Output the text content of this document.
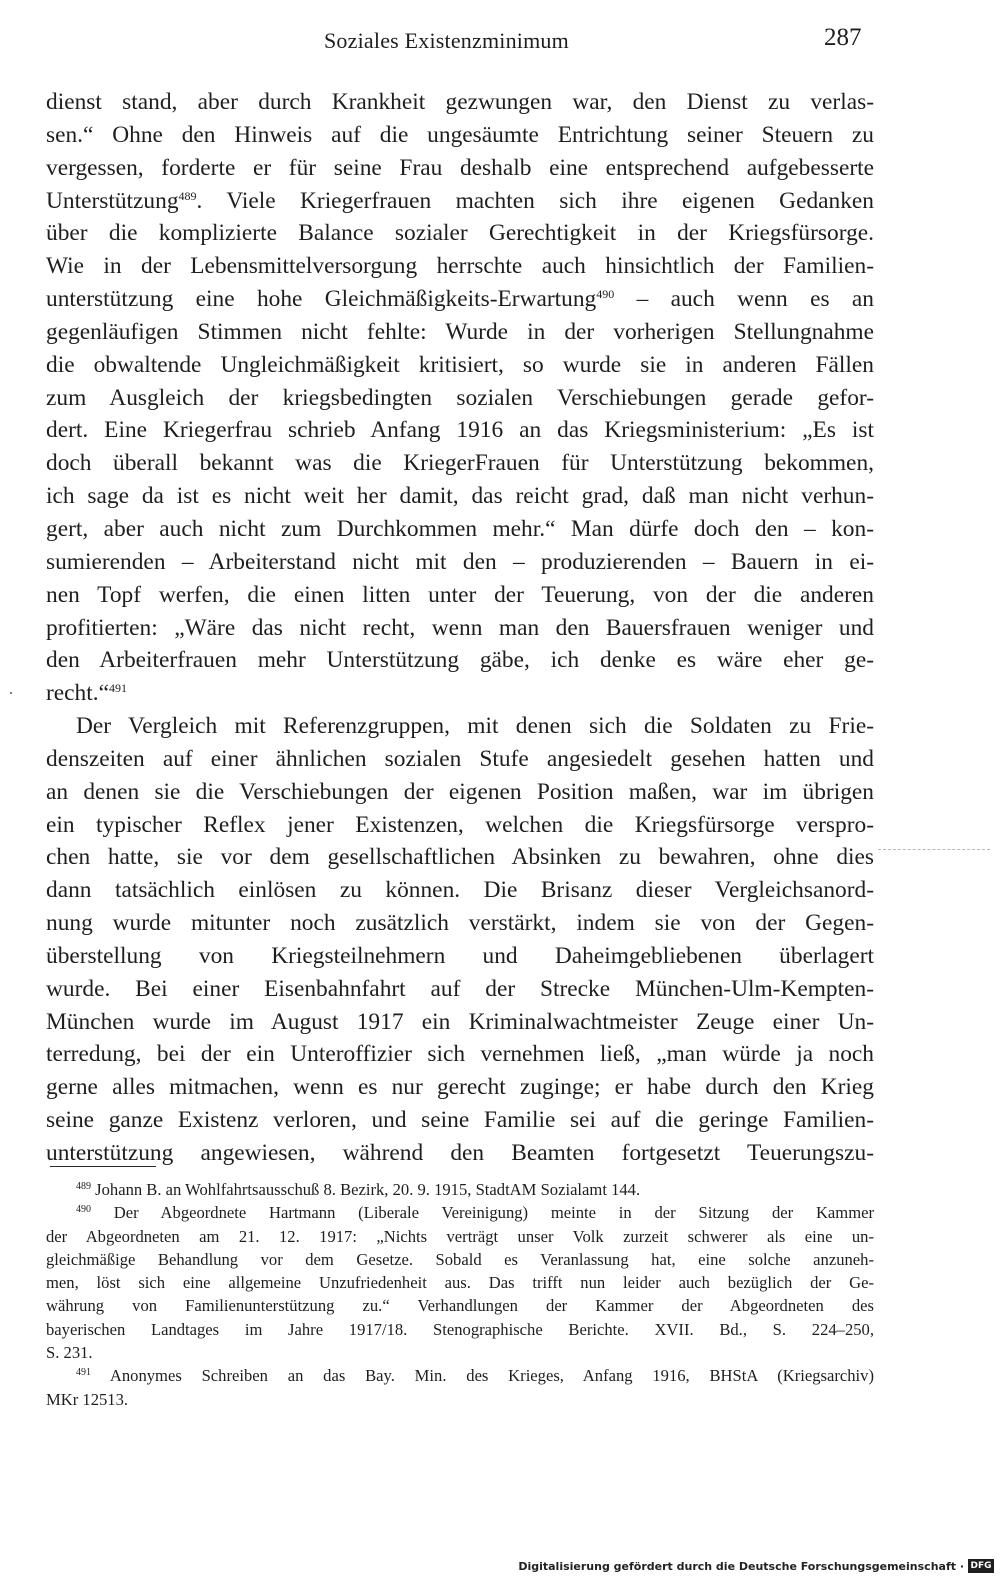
Soziales Existenzminimum	287
dienst stand, aber durch Krankheit gezwungen war, den Dienst zu verlas-
sen.“ Ohne den Hinweis auf die ungesäumte Entrichtung seiner Steuern zu
vergessen, forderte er für seine Frau deshalb eine entsprechend aufgebesserte
Unterstützung$^{489}$. Viele Kriegerfrauen machten sich ihre eigenen Gedanken
über die komplizierte Balance sozialer Gerechtigkeit in der Kriegsfürsorge.
Wie in der Lebensmittelversorgung herrschte auch hinsichtlich der Familien-
unterstützung eine hohe Gleichmäßigkeits-Erwartung$^{490}$ – auch wenn es an
gegenläufigen Stimmen nicht fehlte: Wurde in der vorherigen Stellungnahme
die obwaltende Ungleichmäßigkeit kritisiert, so wurde sie in anderen Fällen
zum Ausgleich der kriegsbedingten sozialen Verschiebungen gerade gefor-
dert. Eine Kriegerfrau schrieb Anfang 1916 an das Kriegsministerium: „Es ist
doch überall bekannt was die KriegerFrauen für Unterstützung bekommen,
ich sage da ist es nicht weit her damit, das reicht grad, daß man nicht verhun-
gert, aber auch nicht zum Durchkommen mehr.“ Man dürfe doch den – kon-
sumierenden – Arbeiterstand nicht mit den – produzierenden – Bauern in ei-
nen Topf werfen, die einen litten unter der Teuerung, von der die anderen
profitierten: „Wäre das nicht recht, wenn man den Bauersfrauen weniger und
den Arbeiterfrauen mehr Unterstützung gäbe, ich denke es wäre eher ge-
recht.“$^{491}$
Der Vergleich mit Referenzgruppen, mit denen sich die Soldaten zu Frie-
denszeiten auf einer ähnlichen sozialen Stufe angesiedelt gesehen hatten und
an denen sie die Verschiebungen der eigenen Position maßen, war im übrigen
ein typischer Reflex jener Existenzen, welchen die Kriegsfürsorge verspro-
chen hatte, sie vor dem gesellschaftlichen Absinken zu bewahren, ohne dies
dann tatsächlich einlösen zu können. Die Brisanz dieser Vergleichsanord-
nung wurde mitunter noch zusätzlich verstärkt, indem sie von der Gegen-
überstellung von Kriegsteilnehmern und Daheimgebliebenen überlagert
wurde. Bei einer Eisenbahnfahrt auf der Strecke München-Ulm-Kempten-
München wurde im August 1917 ein Kriminalwachtmeister Zeuge einer Un-
terredung, bei der ein Unteroffizier sich vernehmen ließ, „man würde ja noch
gerne alles mitmachen, wenn es nur gerecht zuginge; er habe durch den Krieg
seine ganze Existenz verloren, und seine Familie sei auf die geringe Familien-
unterstützung angewiesen, während den Beamten fortgesetzt Teuerungszu-
$^{489}$ Johann B. an Wohlfahrtsausschuß 8. Bezirk, 20. 9. 1915, StadtAM Sozialamt 144.
$^{490}$ Der Abgeordnete Hartmann (Liberale Vereinigung) meinte in der Sitzung der Kammer
der Abgeordneten am 21. 12. 1917: „Nichts verträgt unser Volk zurzeit schwerer als eine un-
gleichmäßige Behandlung vor dem Gesetze. Sobald es Veranlassung hat, eine solche anzuneh-
men, löst sich eine allgemeine Unzufriedenheit aus. Das trifft nun leider auch bezüglich der Ge-
währung von Familienunterstützung zu.“ Verhandlungen der Kammer der Abgeordneten des
bayerischen Landtages im Jahre 1917/18. Stenographische Berichte. XVII. Bd., S. 224–250,
S. 231.
$^{491}$ Anonymes Schreiben an das Bay. Min. des Krieges, Anfang 1916, BHStA (Kriegsarchiv)
MKr 12513.
Digitalisierung gefördert durch die Deutsche Forschungsgemeinschaft · DFG
